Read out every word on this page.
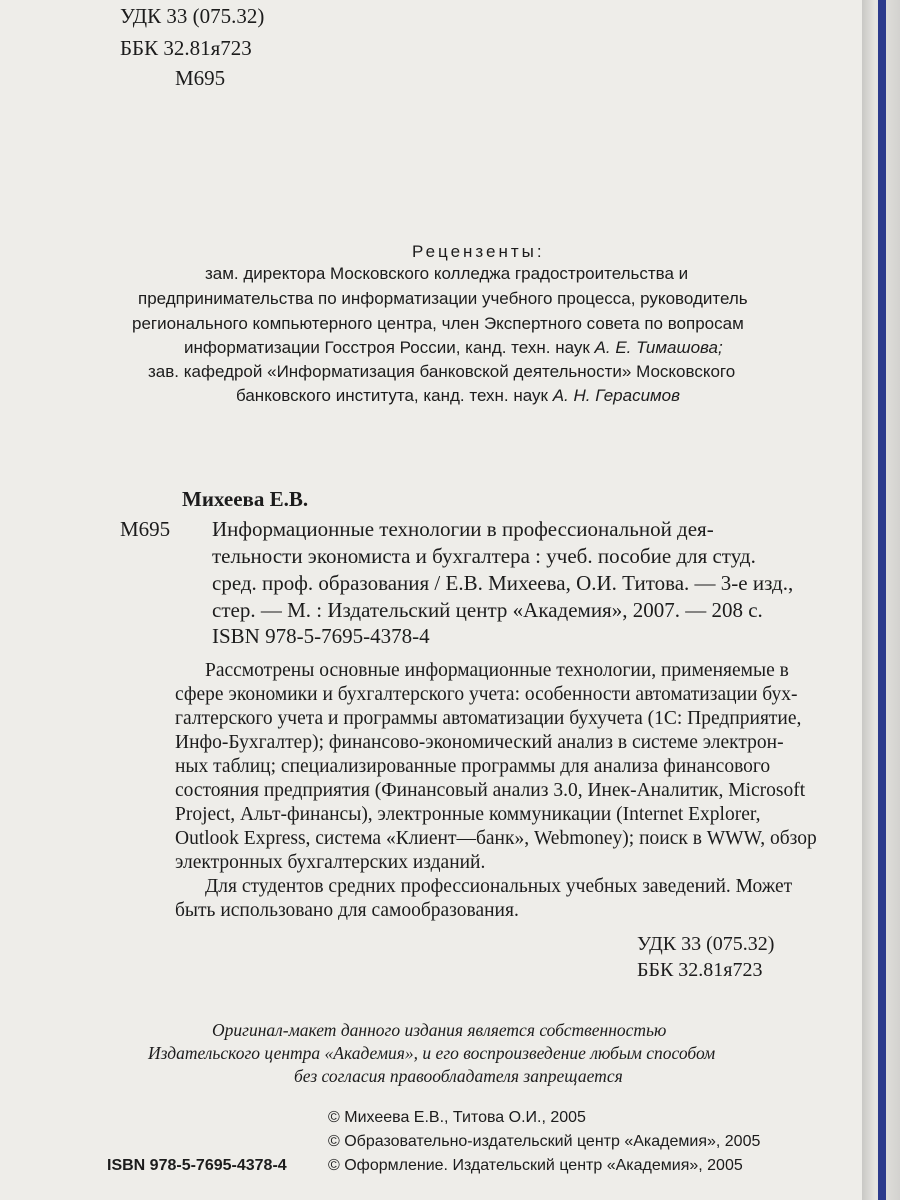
УДК 33 (075.32)
ББК 32.81я723
М695
Рецензенты:
зам. директора Московского колледжа градостроительства и
предпринимательства по информатизации учебного процесса, руководитель
регионального компьютерного центра, член Экспертного совета по вопросам
информатизации Госстроя России, канд. техн. наук А. Е. Тимашова;
зав. кафедрой «Информатизация банковской деятельности» Московского
банковского института, канд. техн. наук А. Н. Герасимов
Михеева Е.В.
М695 Информационные технологии в профессиональной дея-
тельности экономиста и бухгалтера : учеб. пособие для студ.
сред. проф. образования / Е.В. Михеева, О.И. Титова. — 3-е изд.,
стер. — М. : Издательский центр «Академия», 2007. — 208 с.
ISBN 978-5-7695-4378-4
Рассмотрены основные информационные технологии, применяемые в
сфере экономики и бухгалтерского учета: особенности автоматизации бух-
галтерского учета и программы автоматизации бухучета (1С: Предприятие,
Инфо-Бухгалтер); финансово-экономический анализ в системе электрон-
ных таблиц; специализированные программы для анализа финансового
состояния предприятия (Финансовый анализ 3.0, Инек-Аналитик, Microsoft
Project, Альт-финансы), электронные коммуникации (Internet Explorer,
Outlook Express, система «Клиент—банк», Webmoney); поиск в WWW, обзор
электронных бухгалтерских изданий.
Для студентов средних профессиональных учебных заведений. Может
быть использовано для самообразования.
УДК 33 (075.32)
ББК 32.81я723
Оригинал-макет данного издания является собственностью
Издательского центра «Академия», и его воспроизведение любым способом
без согласия правообладателя запрещается
© Михеева Е.В., Титова О.И., 2005
© Образовательно-издательский центр «Академия», 2005
ISBN 978-5-7695-4378-4	© Оформление. Издательский центр «Академия», 2005
